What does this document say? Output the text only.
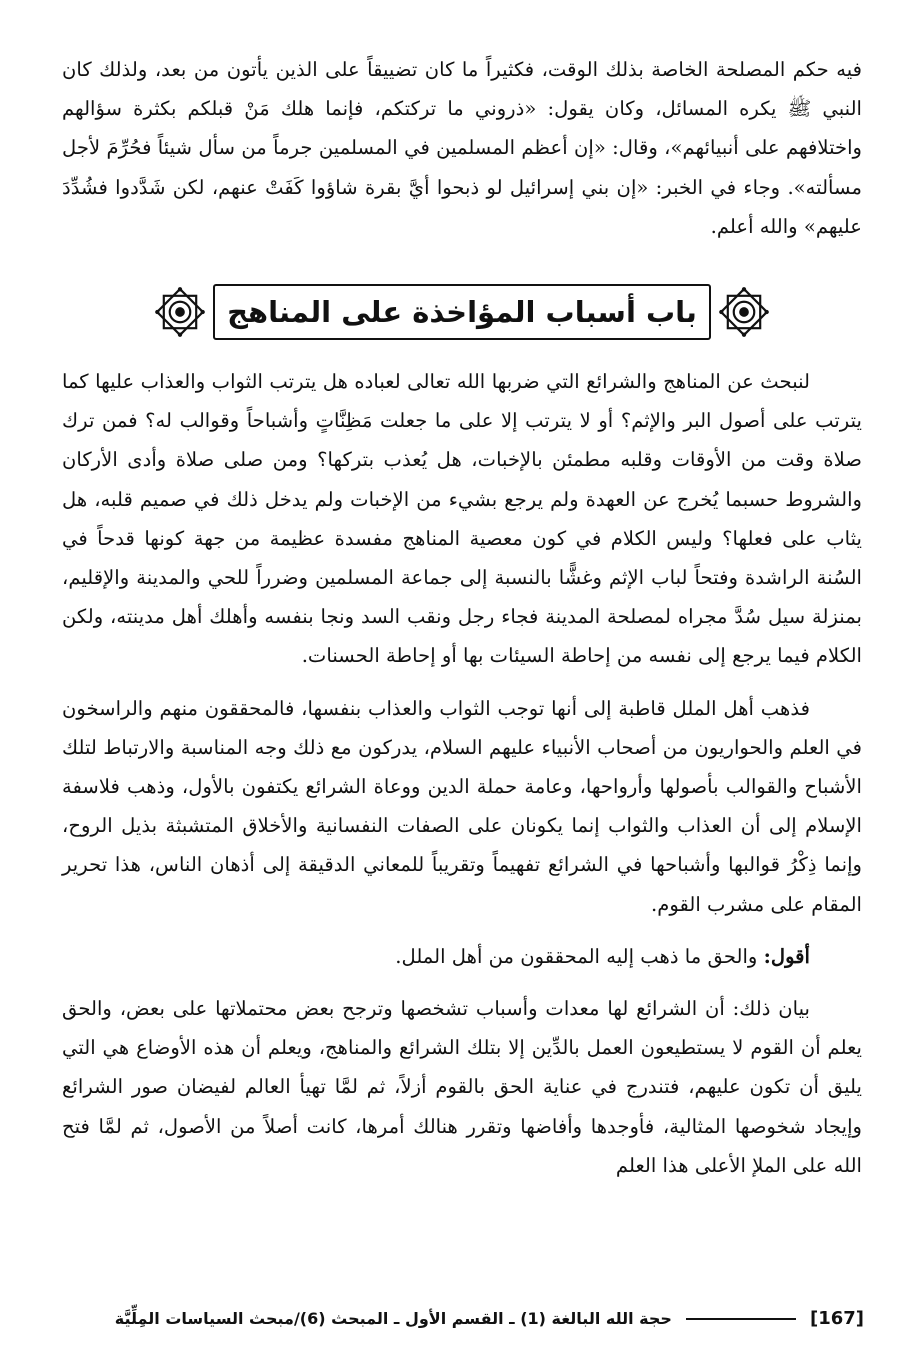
فيه حكم المصلحة الخاصة بذلك الوقت، فكثيراً ما كان تضييقاً على الذين يأتون من بعد، ولذلك كان النبي ﷺ يكره المسائل، وكان يقول: «ذروني ما تركتكم، فإنما هلك مَنْ قبلكم بكثرة سؤالهم واختلافهم على أنبيائهم»، وقال: «إن أعظم المسلمين في المسلمين جرماً من سأل شيئاً فحُرِّمَ لأجل مسألته». وجاء في الخبر: «إن بني إسرائيل لو ذبحوا أيَّ بقرة شاؤوا كَفَتْ عنهم، لكن شَدَّدوا فشُدِّدَ عليهم» والله أعلم.

باب أسباب المؤاخذة على المناهج

لنبحث عن المناهج والشرائع التي ضربها الله تعالى لعباده هل يترتب الثواب والعذاب عليها كما يترتب على أصول البر والإثم؟ أو لا يترتب إلا على ما جعلت مَظِنَّاتٍ وأشباحاً وقوالب له؟ فمن ترك صلاة وقت من الأوقات وقلبه مطمئن بالإخبات، هل يُعذب بتركها؟ ومن صلى صلاة وأدى الأركان والشروط حسبما يُخرج عن العهدة ولم يرجع بشيء من الإخبات ولم يدخل ذلك في صميم قلبه، هل يثاب على فعلها؟ وليس الكلام في كون معصية المناهج مفسدة عظيمة من جهة كونها قدحاً في السُنة الراشدة وفتحاً لباب الإثم وغشًّا بالنسبة إلى جماعة المسلمين وضرراً للحي والمدينة والإقليم، بمنزلة سيل سُدَّ مجراه لمصلحة المدينة فجاء رجل ونقب السد ونجا بنفسه وأهلك أهل مدينته، ولكن الكلام فيما يرجع إلى نفسه من إحاطة السيئات بها أو إحاطة الحسنات.

فذهب أهل الملل قاطبة إلى أنها توجب الثواب والعذاب بنفسها، فالمحققون منهم والراسخون في العلم والحواريون من أصحاب الأنبياء عليهم السلام، يدركون مع ذلك وجه المناسبة والارتباط لتلك الأشباح والقوالب بأصولها وأرواحها، وعامة حملة الدين ووعاة الشرائع يكتفون بالأول، وذهب فلاسفة الإسلام إلى أن العذاب والثواب إنما يكونان على الصفات النفسانية والأخلاق المتشبثة بذيل الروح، وإنما ذِكْرُ قوالبها وأشباحها في الشرائع تفهيماً وتقريباً للمعاني الدقيقة إلى أذهان الناس، هذا تحرير المقام على مشرب القوم.

أقول: والحق ما ذهب إليه المحققون من أهل الملل.

بيان ذلك: أن الشرائع لها معدات وأسباب تشخصها وترجح بعض محتملاتها على بعض، والحق يعلم أن القوم لا يستطيعون العمل بالدِّين إلا بتلك الشرائع والمناهج، ويعلم أن هذه الأوضاع هي التي يليق أن تكون عليهم، فتندرج في عناية الحق بالقوم أزلاً، ثم لمَّا تهيأ العالم لفيضان صور الشرائع وإيجاد شخوصها المثالية، فأوجدها وأفاضها وتقرر هنالك أمرها، كانت أصلاً من الأصول، ثم لمَّا فتح الله على الملإ الأعلى هذا العلم

[167]
حجة الله البالغة (1) ـ القسم الأول ـ المبحث (6)/مبحث السياسات المِلِّيَّة
